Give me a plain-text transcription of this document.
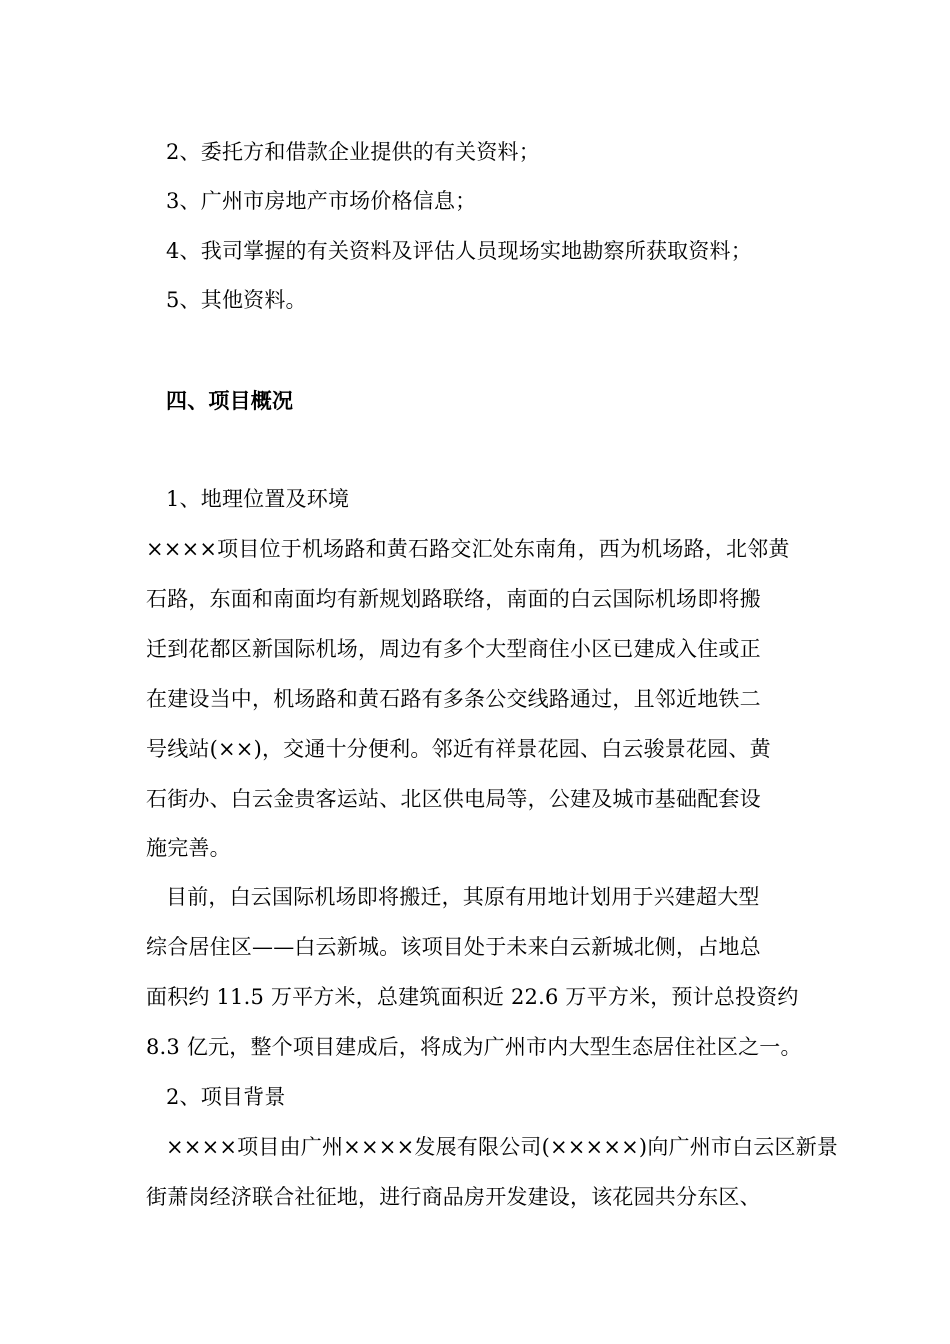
2、委托方和借款企业提供的有关资料；
3、广州市房地产市场价格信息；
4、我司掌握的有关资料及评估人员现场实地勘察所获取资料；
5、其他资料。
四、项目概况
1、地理位置及环境
××××项目位于机场路和黄石路交汇处东南角，西为机场路，北邻黄
石路，东面和南面均有新规划路联络，南面的白云国际机场即将搬
迁到花都区新国际机场，周边有多个大型商住小区已建成入住或正
在建设当中，机场路和黄石路有多条公交线路通过，且邻近地铁二
号线站(××)，交通十分便利。邻近有祥景花园、白云骏景花园、黄
石街办、白云金贵客运站、北区供电局等，公建及城市基础配套设
施完善。
目前，白云国际机场即将搬迁，其原有用地计划用于兴建超大型
综合居住区——白云新城。该项目处于未来白云新城北侧，占地总
面积约 11.5 万平方米，总建筑面积近 22.6 万平方米，预计总投资约
8.3 亿元，整个项目建成后，将成为广州市内大型生态居住社区之一。
2、项目背景
××××项目由广州××××发展有限公司(×××××)向广州市白云区新景
街萧岗经济联合社征地，进行商品房开发建设，该花园共分东区、
